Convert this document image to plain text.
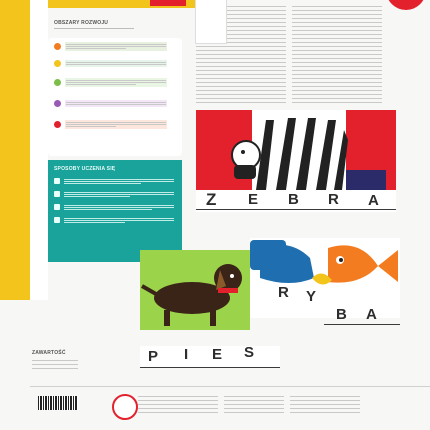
OBSZARY ROZWOJU
SPOSOBY UCZENIA SIĘ
Z E B R A
R Y
B A
P I E S
ZAWARTOŚĆ
